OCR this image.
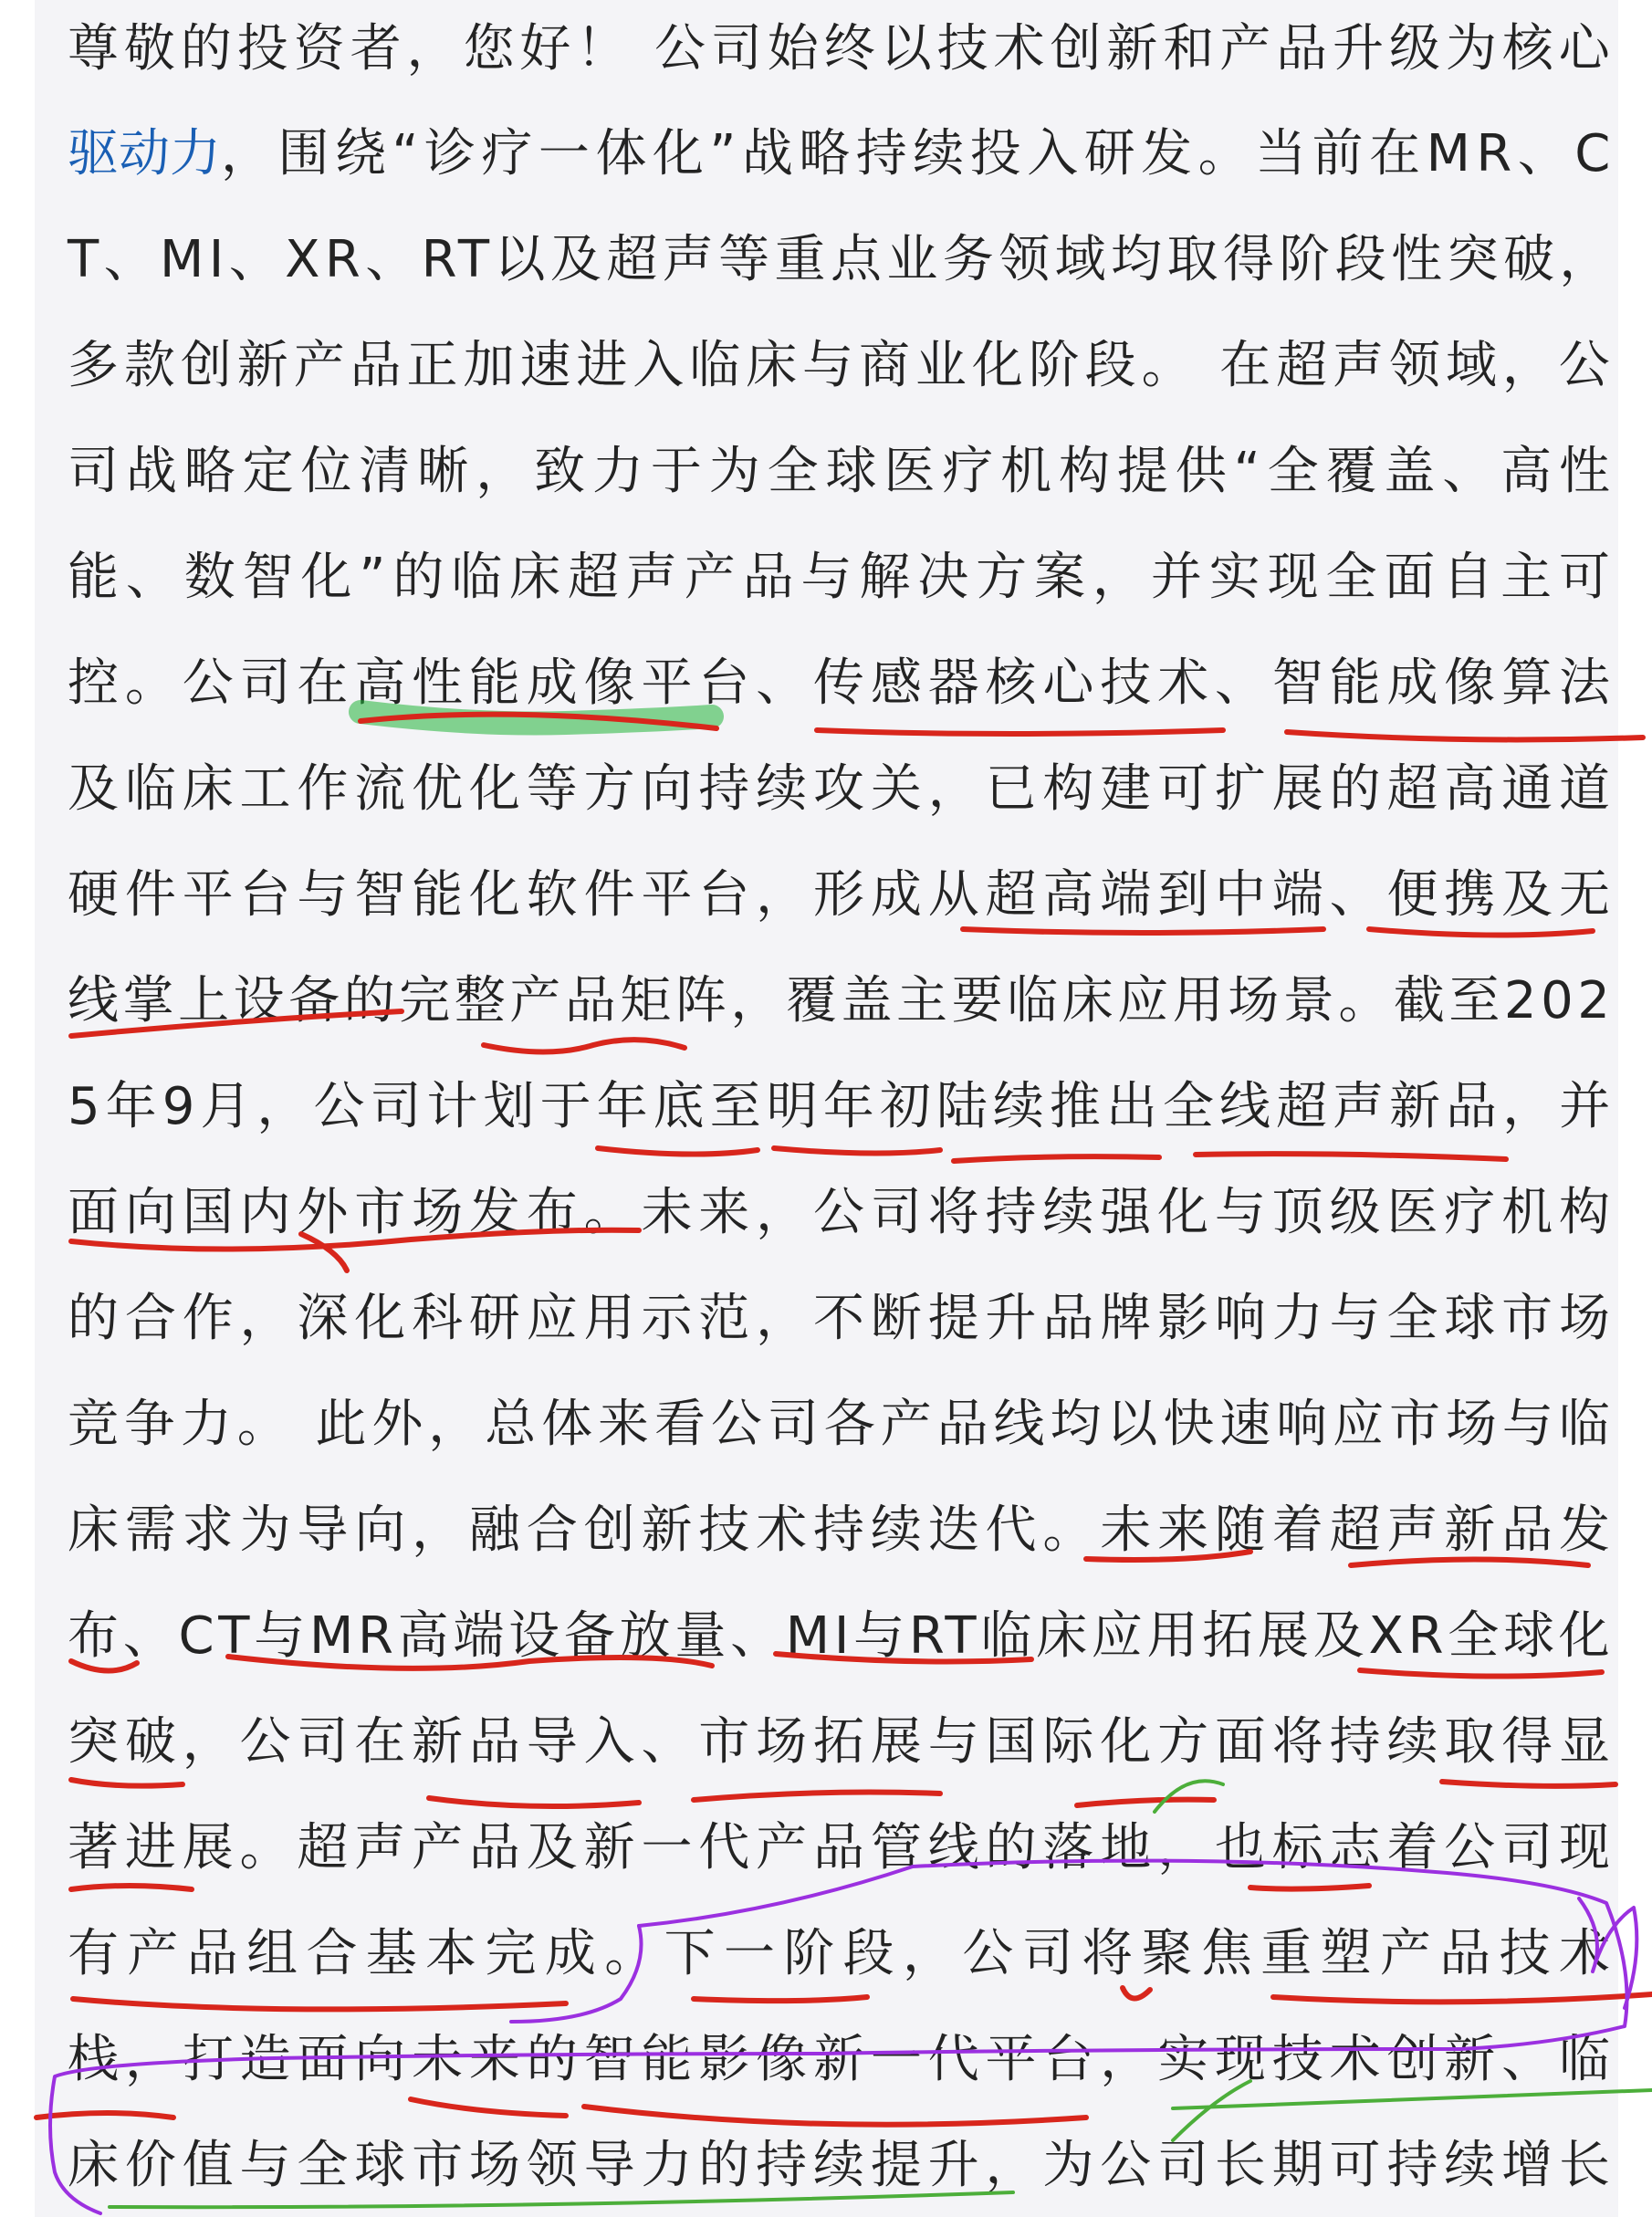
尊敬的投资者，您好！ 公司始终以技术创新和产品升级为核心
驱动力 ，围绕“诊疗一体化”战略持续投入研发。当前在MR、C
T、MI、XR、RT以及超声等重点业务领域均取得阶段性突破，
多款创新产品正加速进入临床与商业化阶段。 在超声领域，公
司战略定位清晰，致力于为全球医疗机构提供“全覆盖、高性
能、数智化”的临床超声产品与解决方案，并实现全面自主可
控。公司在高性能成像平台、传感器核心技术、智能成像算法
及临床工作流优化等方向持续攻关，已构建可扩展的超高通道
硬件平台与智能化软件平台，形成从超高端到中端、便携及无
线掌上设备的完整产品矩阵，覆盖主要临床应用场景。截至202
5年9月，公司计划于年底至明年初陆续推出全线超声新品，并
面向国内外市场发布。未来，公司将持续强化与顶级医疗机构
的合作，深化科研应用示范，不断提升品牌影响力与全球市场
竞争力。 此外，总体来看公司各产品线均以快速响应市场与临
床需求为导向，融合创新技术持续迭代。未来随着超声新品发
布、CT与MR高端设备放量、MI与RT临床应用拓展及XR全球化
突破，公司在新品导入、市场拓展与国际化方面将持续取得显
著进展。超声产品及新一代产品管线的落地，也标志着公司现
有产品组合基本完成。下一阶段，公司将聚焦重塑产品技术
栈，打造面向未来的智能影像新一代平台，实现技术创新、临
床价值与全球市场领导力的持续提升，为公司长期可持续增长
